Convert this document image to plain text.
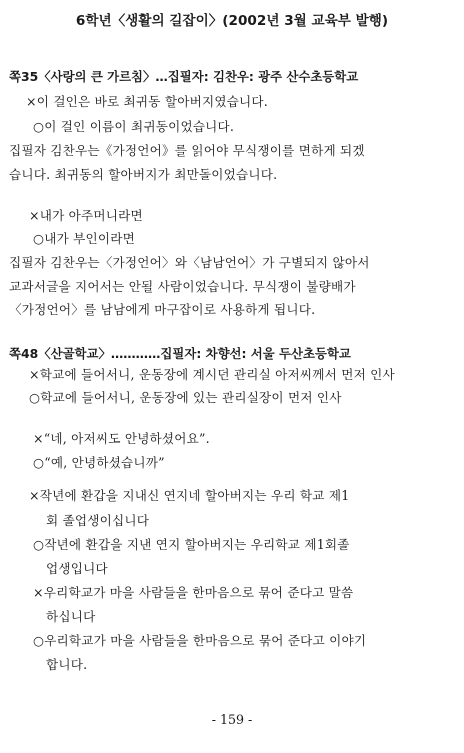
6학년〈생활의 길잡이〉(2002년 3월 교육부 발행)
쪽35〈사랑의 큰 가르침〉…집필자: 김찬우: 광주 산수초등학교
×이 걸인은 바로 최귀동 할아버지였습니다.
○이 걸인 이름이 최귀동이었습니다.
집필자 김찬우는《가정언어》를 읽어야 무식쟁이를 면하게 되겠
습니다. 최귀동의 할아버지가 최만돌이었습니다.
×내가 아주머니라면
○내가 부인이라면
집필자 김찬우는〈가정언어〉와〈남남언어〉가 구별되지 않아서
교과서글을 지어서는 안될 사람이었습니다. 무식쟁이 불량배가
〈가정언어〉를 남남에게 마구잡이로 사용하게 됩니다.
쪽48〈산골학교〉…………집필자: 차향선: 서울 두산초등학교
×학교에 들어서니, 운동장에 계시던 관리실 아저씨께서 먼저 인사
○학교에 들어서니, 운동장에 있는 관리실장이 먼저 인사
×“네, 아저씨도 안녕하셨어요”.
○“예, 안녕하셨습니까”
×작년에 환갑을 지내신 연지네 할아버지는 우리 학교 제1
회 졸업생이십니다
○작년에 환갑을 지낸 연지 할아버지는 우리학교 제1회졸
업생입니다
×우리학교가 마을 사람들을 한마음으로 묶어 준다고 말씀
하십니다
○우리학교가 마을 사람들을 한마음으로 묶어 준다고 이야기
합니다.
- 159 -
